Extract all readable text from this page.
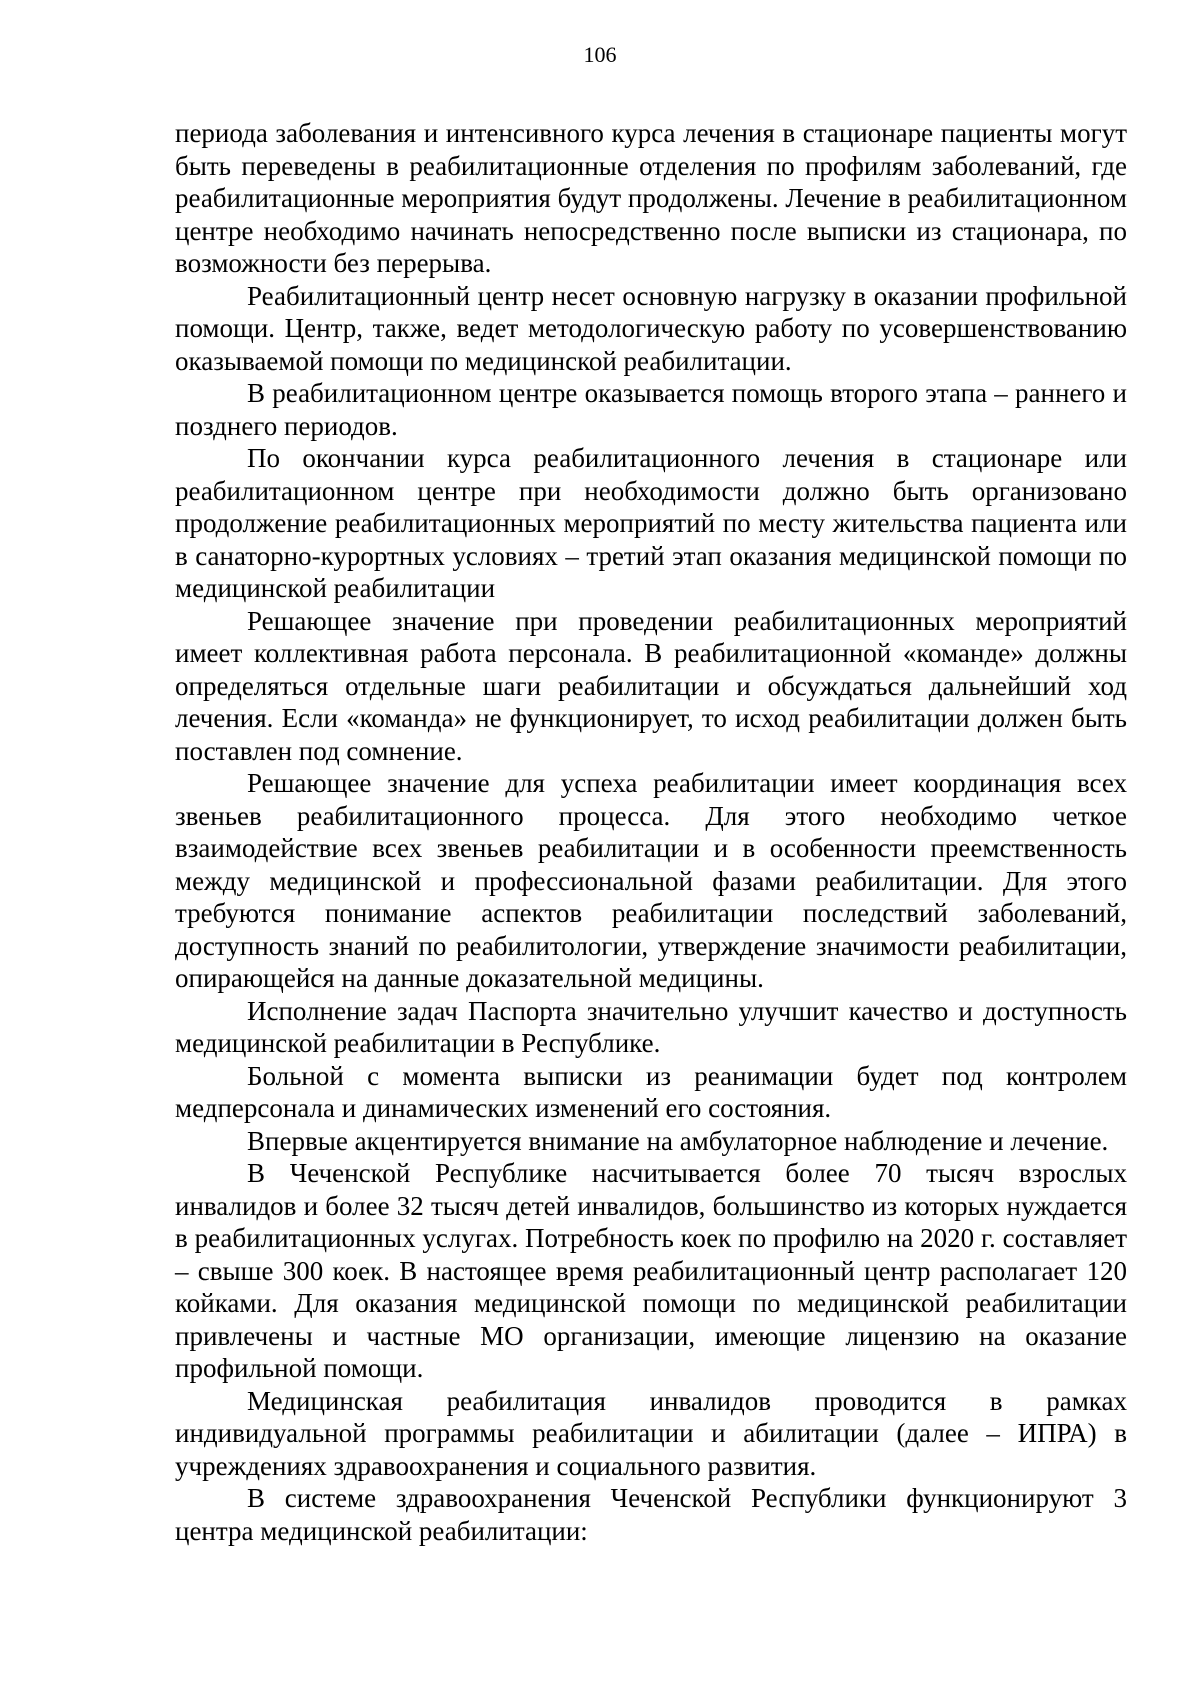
106

периода заболевания и интенсивного курса лечения в стационаре пациенты могут быть переведены в реабилитационные отделения по профилям заболеваний, где реабилитационные мероприятия будут продолжены. Лечение в реабилитационном центре необходимо начинать непосредственно после выписки из стационара, по возможности без перерыва.

Реабилитационный центр несет основную нагрузку в оказании профильной помощи. Центр, также, ведет методологическую работу по усовершенствованию оказываемой помощи по медицинской реабилитации.

В реабилитационном центре оказывается помощь второго этапа – раннего и позднего периодов.

По окончании курса реабилитационного лечения в стационаре или реабилитационном центре при необходимости должно быть организовано продолжение реабилитационных мероприятий по месту жительства пациента или в санаторно-курортных условиях – третий этап оказания медицинской помощи по медицинской реабилитации

Решающее значение при проведении реабилитационных мероприятий имеет коллективная работа персонала. В реабилитационной «команде» должны определяться отдельные шаги реабилитации и обсуждаться дальнейший ход лечения. Если «команда» не функционирует, то исход реабилитации должен быть поставлен под сомнение.

Решающее значение для успеха реабилитации имеет координация всех звеньев реабилитационного процесса. Для этого необходимо четкое взаимодействие всех звеньев реабилитации и в особенности преемственность между медицинской и профессиональной фазами реабилитации. Для этого требуются понимание аспектов реабилитации последствий заболеваний, доступность знаний по реабилитологии, утверждение значимости реабилитации, опирающейся на данные доказательной медицины.

Исполнение задач Паспорта значительно улучшит качество и доступность медицинской реабилитации в Республике.

Больной с момента выписки из реанимации будет под контролем медперсонала и динамических изменений его состояния.

Впервые акцентируется внимание на амбулаторное наблюдение и лечение.

В Чеченской Республике насчитывается более 70 тысяч взрослых инвалидов и более 32 тысяч детей инвалидов, большинство из которых нуждается в реабилитационных услугах. Потребность коек по профилю на 2020 г. составляет – свыше 300 коек. В настоящее время реабилитационный центр располагает 120 койками. Для оказания медицинской помощи по медицинской реабилитации привлечены и частные МО организации, имеющие лицензию на оказание профильной помощи.

Медицинская реабилитация инвалидов проводится в рамках индивидуальной программы реабилитации и абилитации (далее – ИПРА) в учреждениях здравоохранения и социального развития.

В системе здравоохранения Чеченской Республики функционируют 3 центра медицинской реабилитации:
